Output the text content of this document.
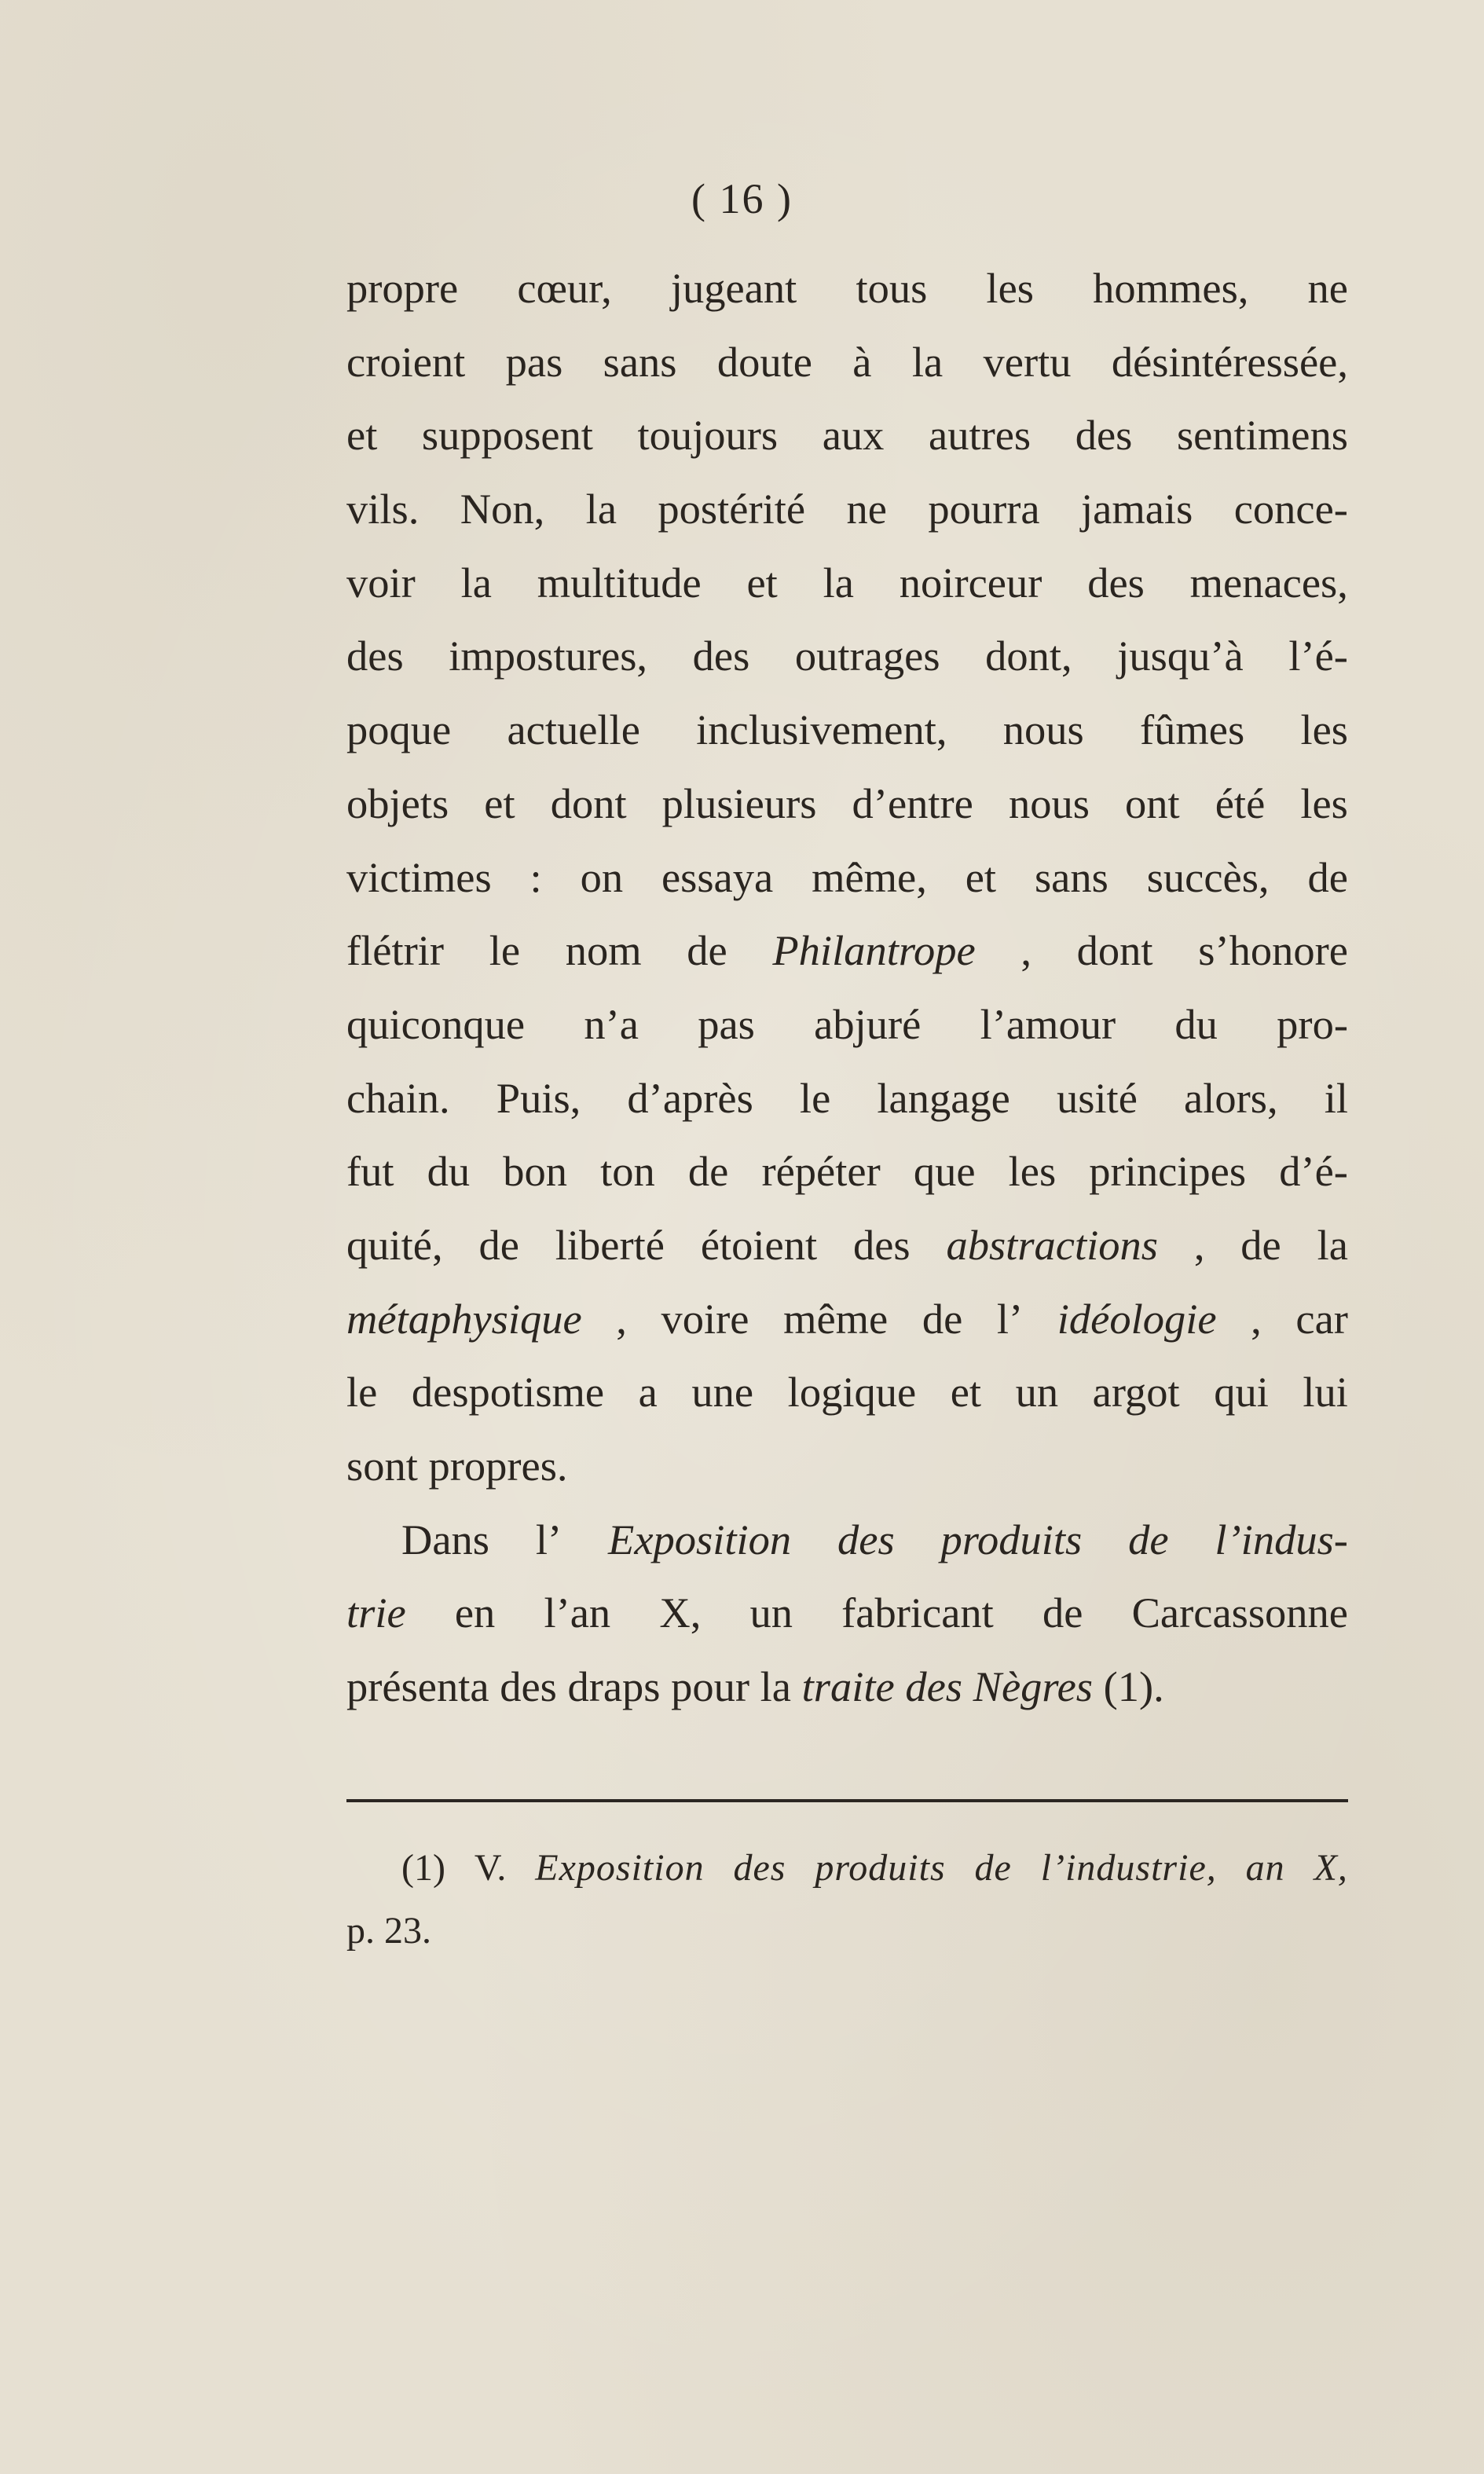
( 16 )
propre cœur, jugeant tous les hommes, ne
croient pas sans doute à la vertu désintéressée,
et supposent toujours aux autres des sentimens
vils. Non, la postérité ne pourra jamais conce-
voir la multitude et la noirceur des menaces,
des impostures, des outrages dont, jusqu’à l’é-
poque actuelle inclusivement, nous fûmes les
objets et dont plusieurs d’entre nous ont été les
victimes : on essaya même, et sans succès, de
flétrir le nom de Philantrope , dont s’honore
quiconque n’a pas abjuré l’amour du pro-
chain. Puis, d’après le langage usité alors, il
fut du bon ton de répéter que les principes d’é-
quité, de liberté étoient des abstractions , de la
métaphysique , voire même de l’ idéologie , car
le despotisme a une logique et un argot qui lui
sont propres.
Dans l’ Exposition des produits de l’indus-
trie en l’an X, un fabricant de Carcassonne
présenta des draps pour la traite des Nègres (1).
(1) V. Exposition des produits de l’industrie, an X,
p. 23.
